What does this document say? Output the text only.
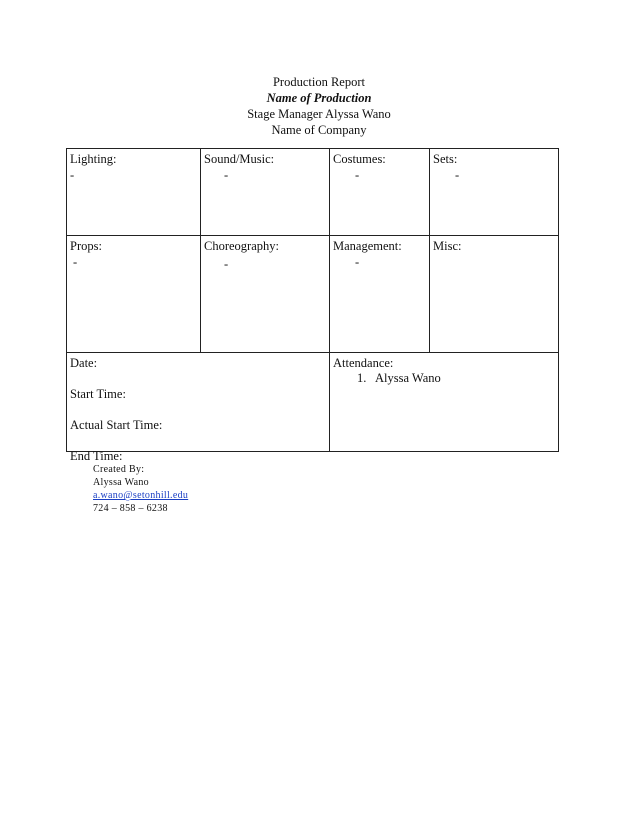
Production Report
Name of Production
Stage Manager Alyssa Wano
Name of Company
Lighting:
-
Sound/Music:
-
Costumes:
-
Sets:
-
Props:
-
Choreography:
-
Management:
-
Misc:
Date:
Start Time:
Actual Start Time:
End Time:
Attendance:
1. Alyssa Wano
Created By:
Alyssa Wano
a.wano@setonhill.edu
724 – 858 – 6238
